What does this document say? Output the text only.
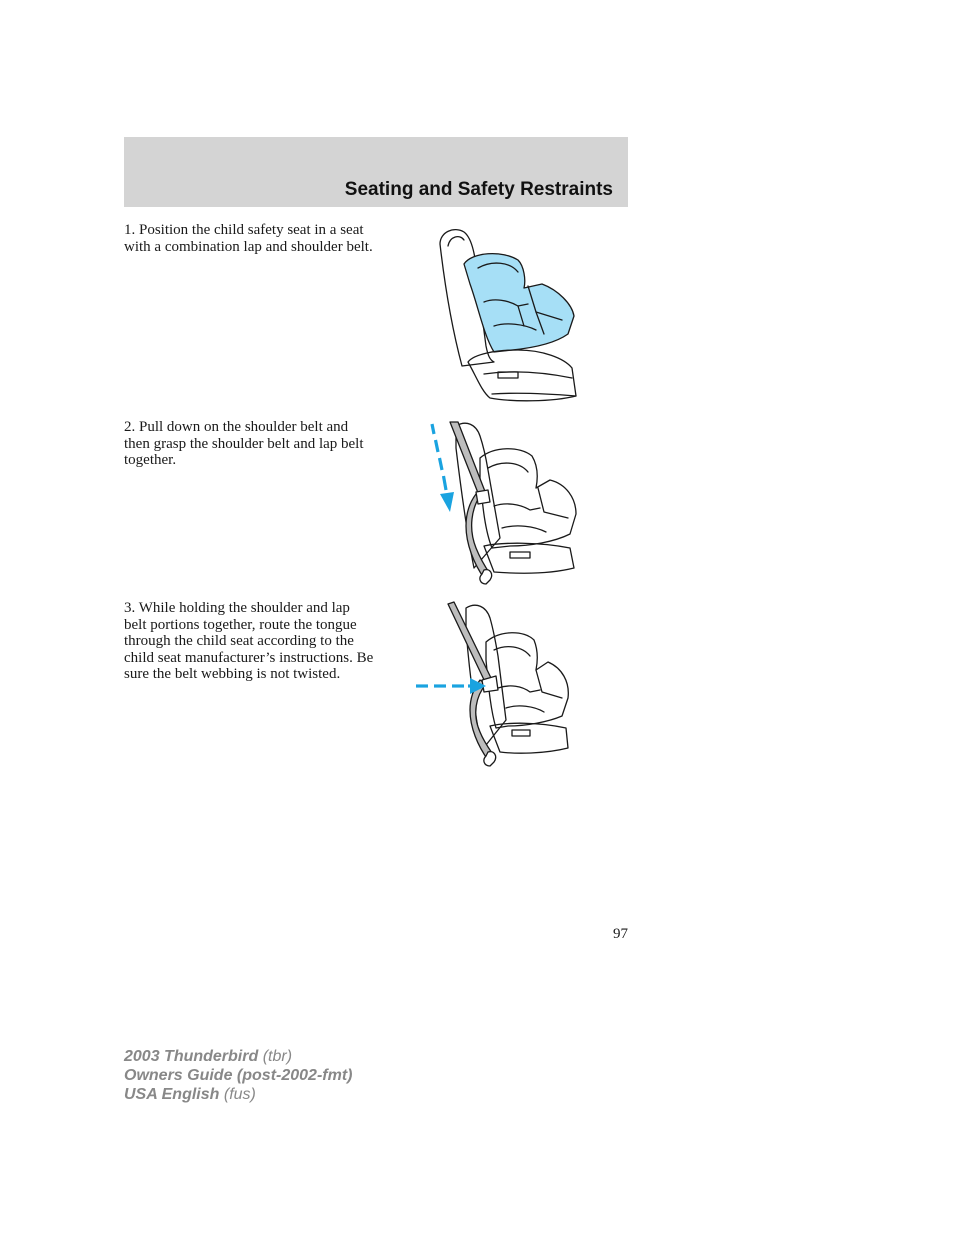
Seating and Safety Restraints

1. Position the child safety seat in a seat with a combination lap and shoulder belt.

2. Pull down on the shoulder belt and then grasp the shoulder belt and lap belt together.

3. While holding the shoulder and lap belt portions together, route the tongue through the child seat according to the child seat manufacturer’s instructions. Be sure the belt webbing is not twisted.

97
2003 Thunderbird (tbr)
Owners Guide (post-2002-fmt)
USA English (fus)
